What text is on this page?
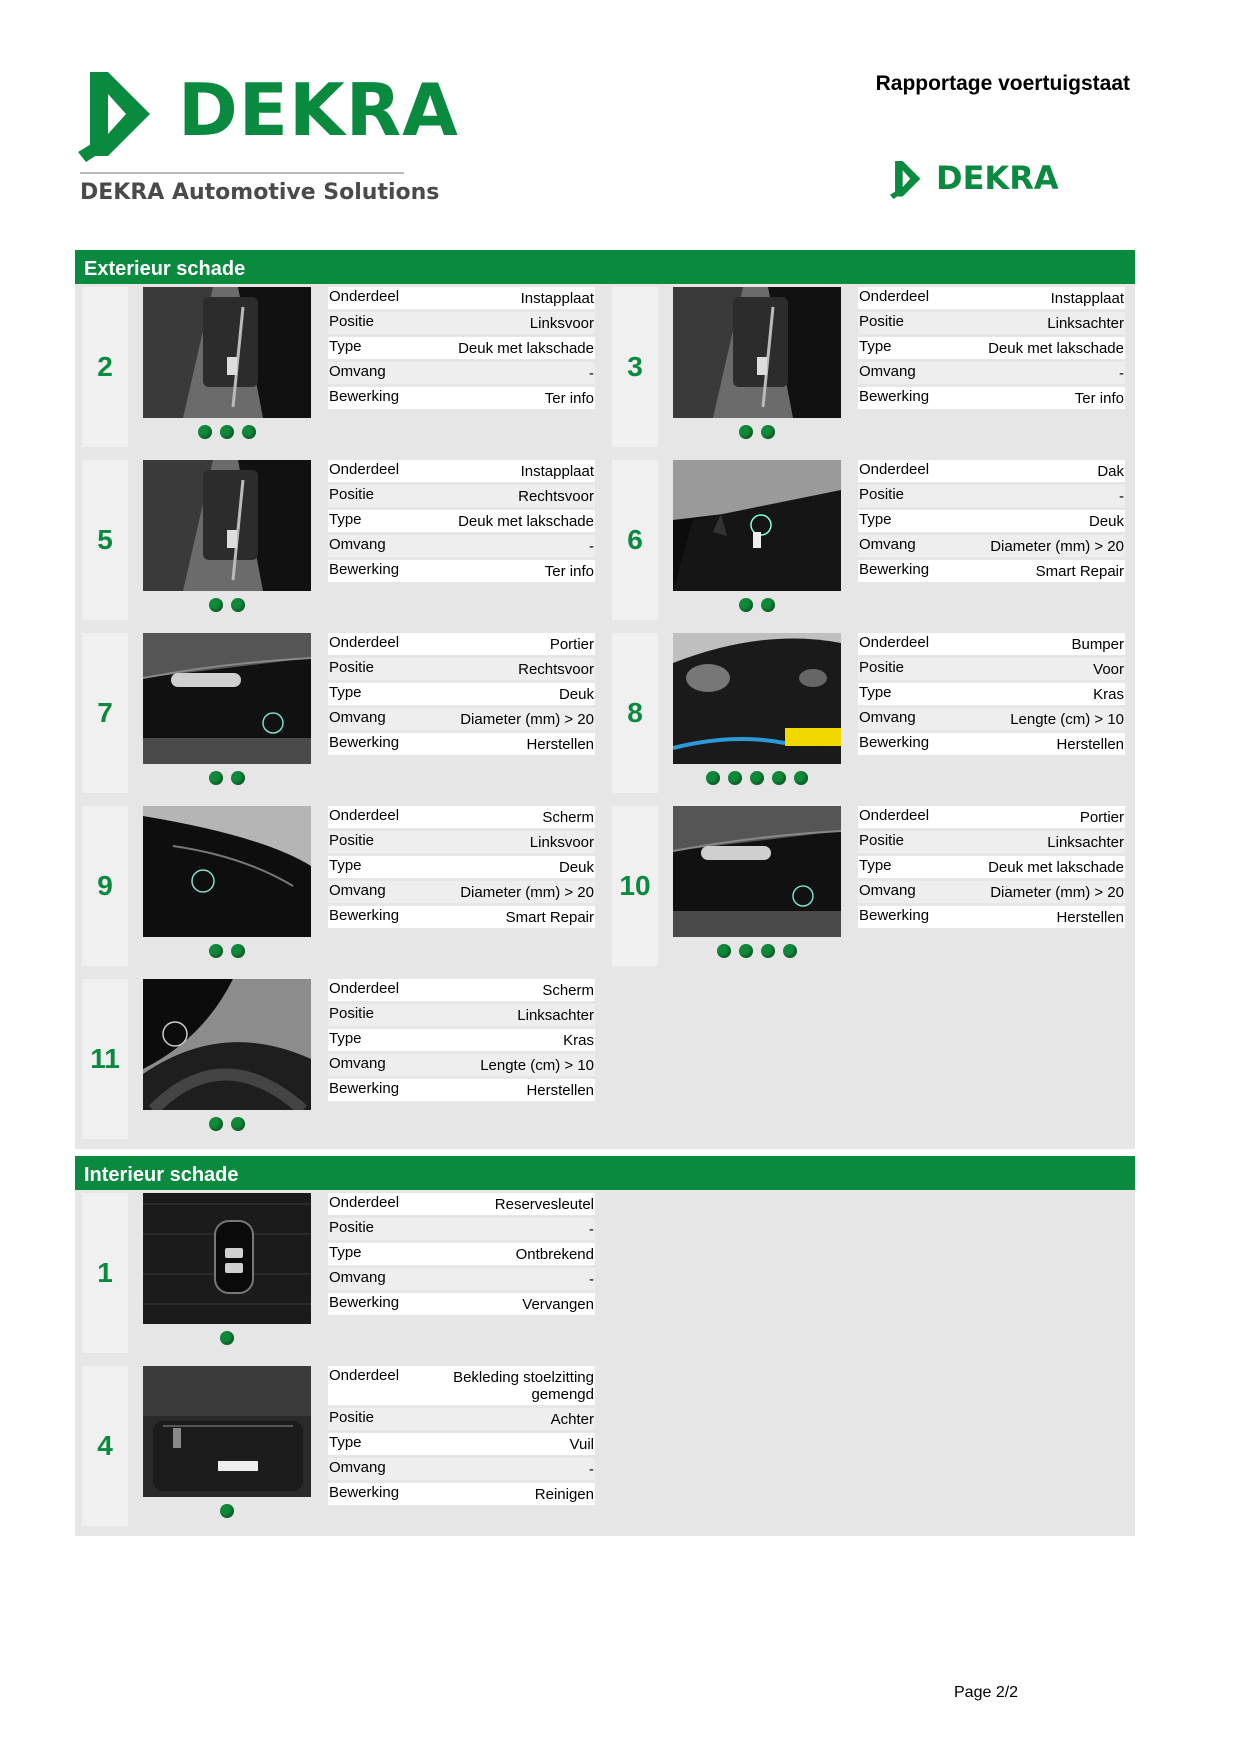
DEKRA
DEKRA Automotive Solutions
Rapportage voertuigstaat
DEKRA
Exterieur schade
2
Onderdeel	Instapplaat
Positie	Linksvoor
Type	Deuk met lakschade
Omvang	-
Bewerking	Ter info
3
Onderdeel	Instapplaat
Positie	Linksachter
Type	Deuk met lakschade
Omvang	-
Bewerking	Ter info
5
Onderdeel	Instapplaat
Positie	Rechtsvoor
Type	Deuk met lakschade
Omvang	-
Bewerking	Ter info
6
Onderdeel	Dak
Positie	-
Type	Deuk
Omvang	Diameter (mm) > 20
Bewerking	Smart Repair
7
Onderdeel	Portier
Positie	Rechtsvoor
Type	Deuk
Omvang	Diameter (mm) > 20
Bewerking	Herstellen
8
Onderdeel	Bumper
Positie	Voor
Type	Kras
Omvang	Lengte (cm) > 10
Bewerking	Herstellen
9
Onderdeel	Scherm
Positie	Linksvoor
Type	Deuk
Omvang	Diameter (mm) > 20
Bewerking	Smart Repair
10
Onderdeel	Portier
Positie	Linksachter
Type	Deuk met lakschade
Omvang	Diameter (mm) > 20
Bewerking	Herstellen
11
Onderdeel	Scherm
Positie	Linksachter
Type	Kras
Omvang	Lengte (cm) > 10
Bewerking	Herstellen
Interieur schade
1
Onderdeel	Reservesleutel
Positie	-
Type	Ontbrekend
Omvang	-
Bewerking	Vervangen
4
Onderdeel	Bekleding stoelzitting gemengd
Positie	Achter
Type	Vuil
Omvang	-
Bewerking	Reinigen
Page 2/2
